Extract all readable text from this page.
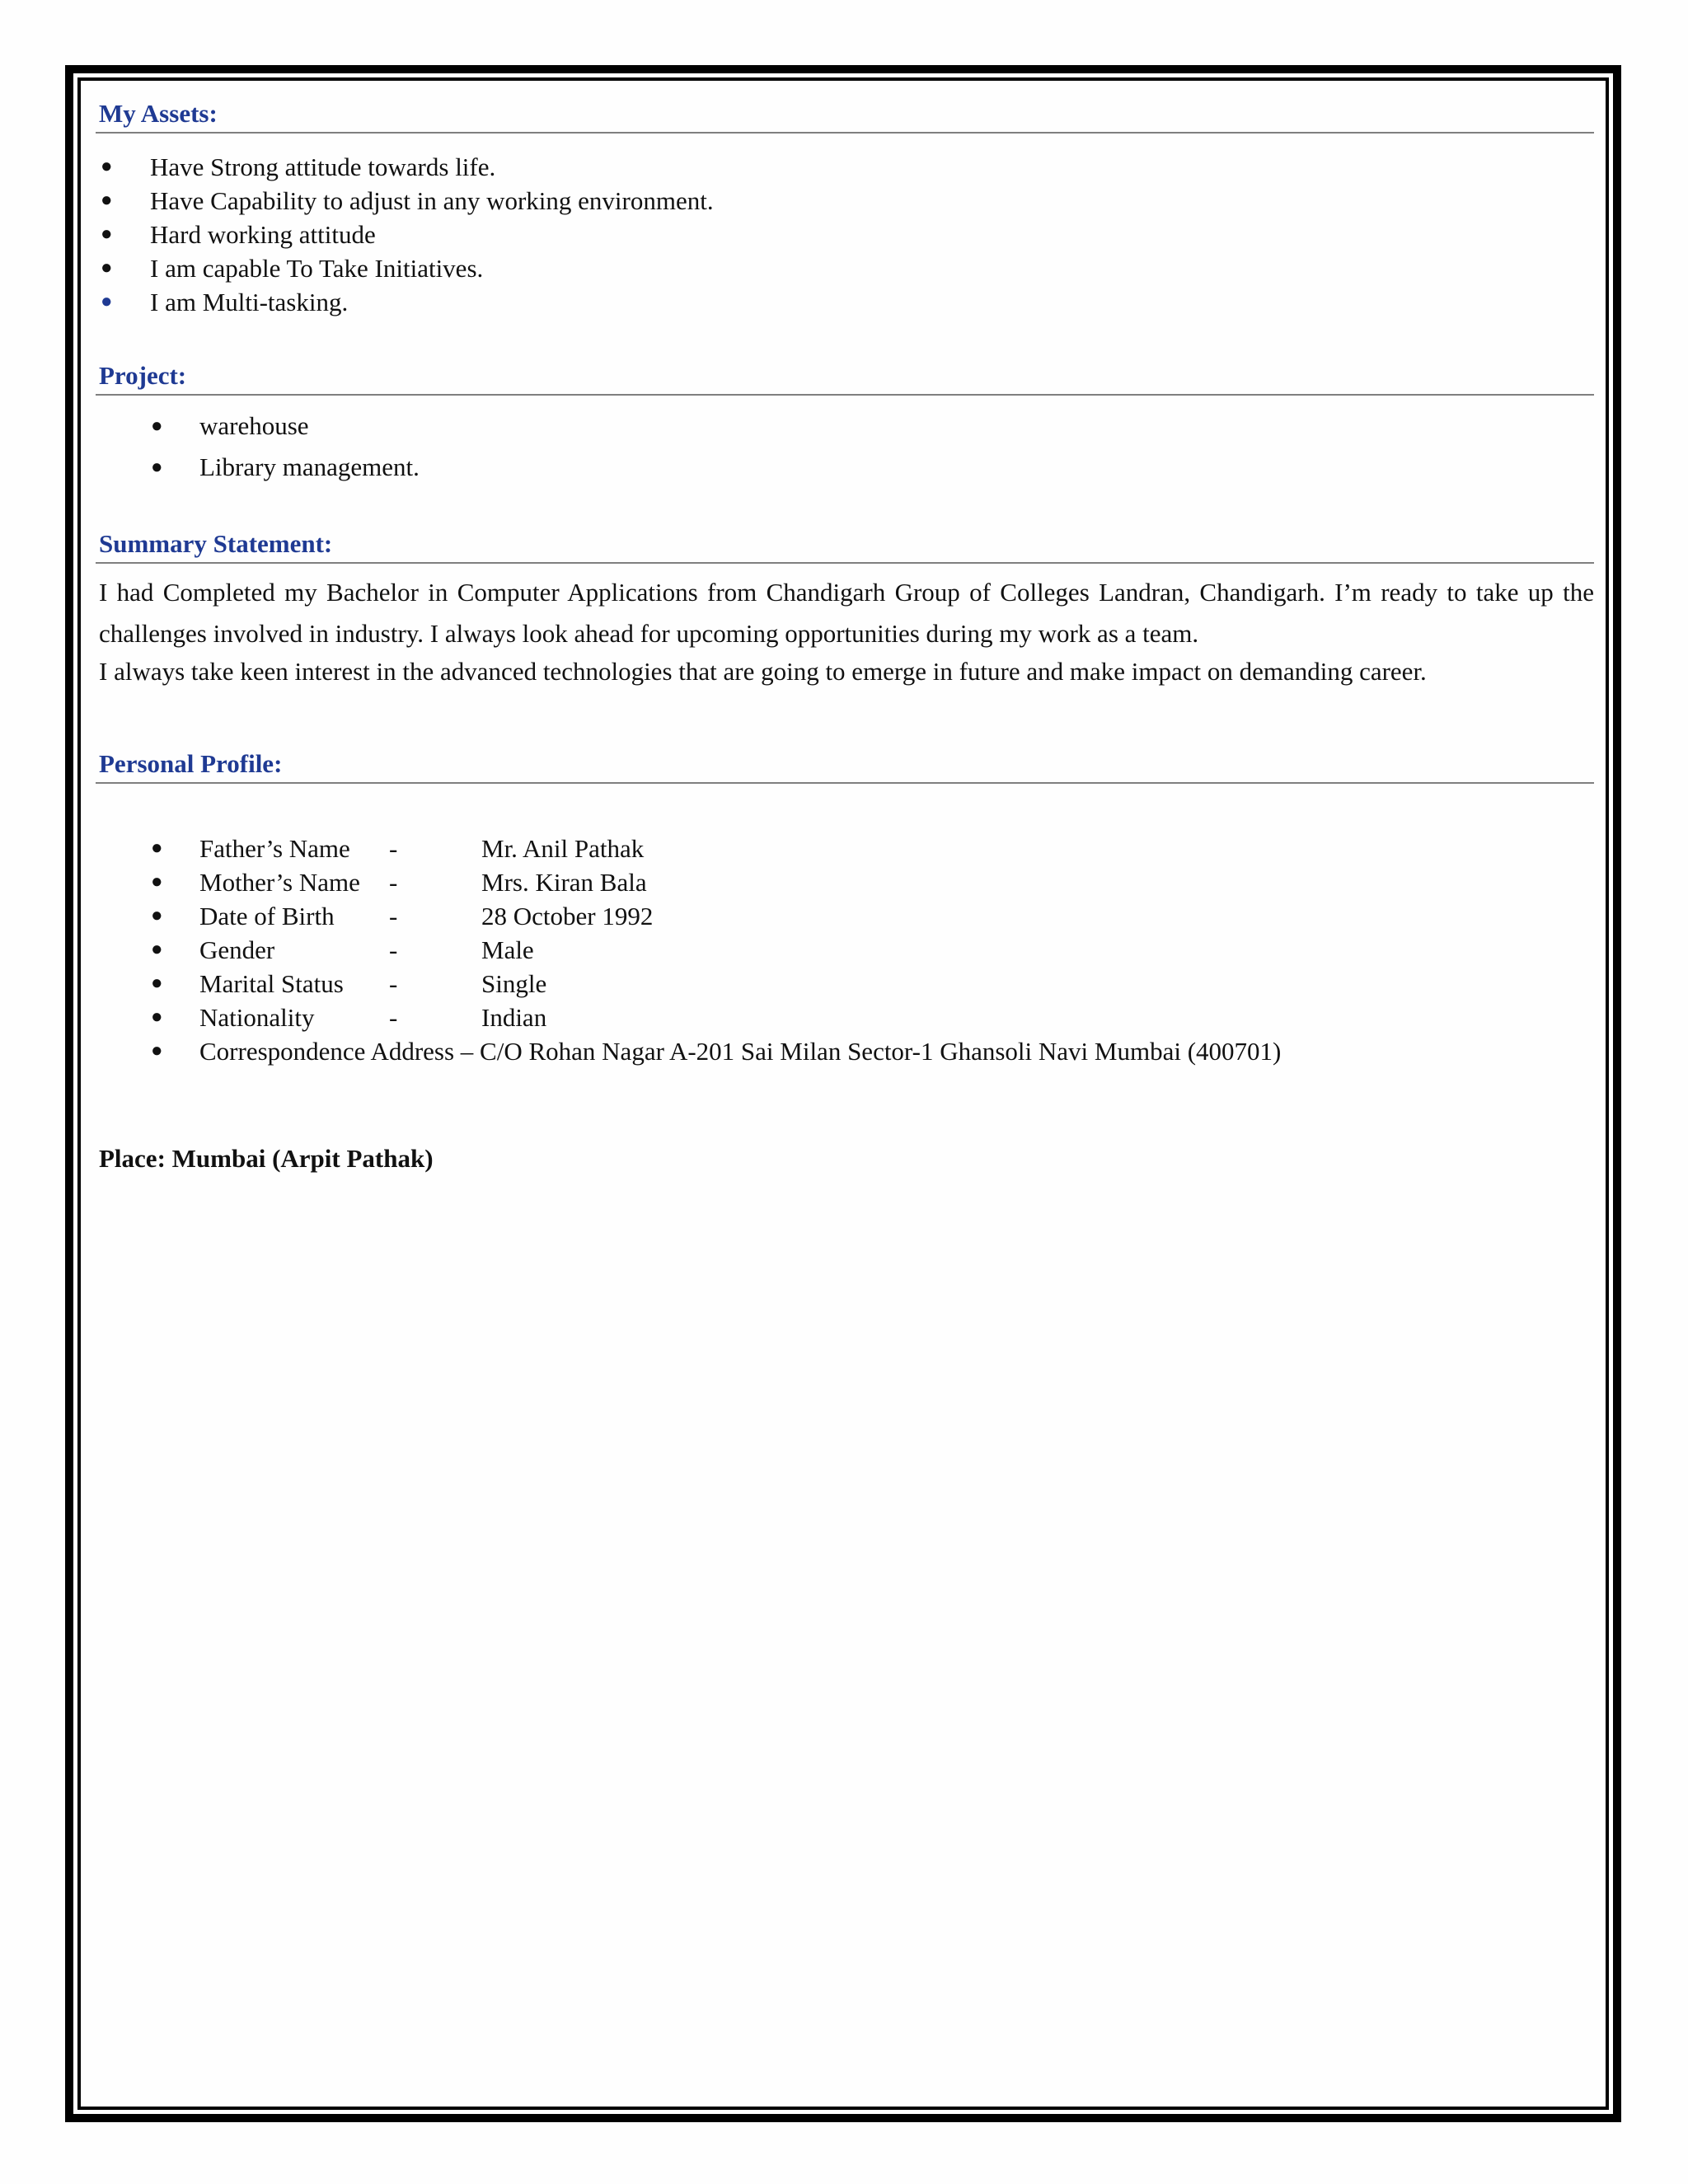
My Assets:
● Have Strong attitude towards life.
● Have Capability to adjust in any working environment.
● Hard working attitude
● I am capable To Take Initiatives.
● I am Multi-tasking.
Project:
● warehouse
● Library management.
Summary Statement:

I had Completed my Bachelor in Computer Applications from Chandigarh Group of Colleges Landran, Chandigarh. I’m ready to take up the challenges involved in industry. I always look ahead for upcoming opportunities during my work as a team.

I always take keen interest in the advanced technologies that are going to emerge in future and make impact on demanding career.

Personal Profile:
● Father’s Name -	Mr. Anil Pathak
● Mother’s Name -	Mrs. Kiran Bala
● Date of Birth -	28 October 1992
● Gender	-	Male
● Marital Status -	Single
● Nationality	-	Indian
● Correspondence Address – C/O Rohan Nagar A-201 Sai Milan Sector-1 Ghansoli Navi Mumbai (400701)
Place: Mumbai (Arpit Pathak)
